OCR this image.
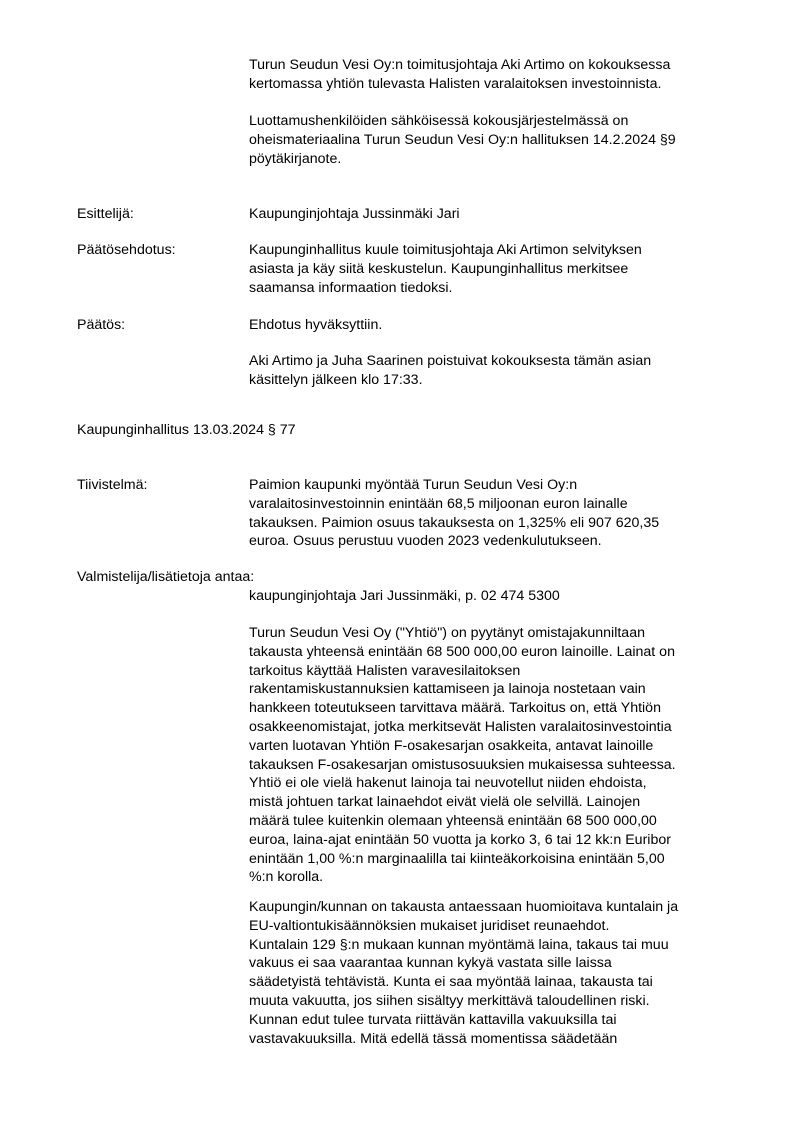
Turun Seudun Vesi Oy:n toimitusjohtaja Aki Artimo on kokouksessa
kertomassa yhtiön tulevasta Halisten varalaitoksen investoinnista.
Luottamushenkilöiden sähköisessä kokousjärjestelmässä on
oheismateriaalina Turun Seudun Vesi Oy:n hallituksen 14.2.2024 §9
pöytäkirjanote.
Esittelijä:	Kaupunginjohtaja Jussinmäki Jari
Päätösehdotus:	Kaupunginhallitus kuule toimitusjohtaja Aki Artimon selvityksen
asiasta ja käy siitä keskustelun. Kaupunginhallitus merkitsee
saamansa informaation tiedoksi.
Päätös:	Ehdotus hyväksyttiin.
Aki Artimo ja Juha Saarinen poistuivat kokouksesta tämän asian
käsittelyn jälkeen klo 17:33.
Kaupunginhallitus 13.03.2024 § 77
Tiivistelmä:	Paimion kaupunki myöntää Turun Seudun Vesi Oy:n
varalaitosinvestoinnin enintään 68,5 miljoonan euron lainalle
takauksen. Paimion osuus takauksesta on 1,325% eli 907 620,35
euroa. Osuus perustuu vuoden 2023 vedenkulutukseen.
Valmistelija/lisätietoja antaa:
kaupunginjohtaja Jari Jussinmäki, p. 02 474 5300
Turun Seudun Vesi Oy ("Yhtiö") on pyytänyt omistajakunniltaan
takausta yhteensä enintään 68 500 000,00 euron lainoille. Lainat on
tarkoitus käyttää Halisten varavesilaitoksen
rakentamiskustannuksien kattamiseen ja lainoja nostetaan vain
hankkeen toteutukseen tarvittava määrä. Tarkoitus on, että Yhtiön
osakkeenomistajat, jotka merkitsevät Halisten varalaitosinvestointia
varten luotavan Yhtiön F-osakesarjan osakkeita, antavat lainoille
takauksen F-osakesarjan omistusosuuksien mukaisessa suhteessa.
Yhtiö ei ole vielä hakenut lainoja tai neuvotellut niiden ehdoista,
mistä johtuen tarkat lainaehdot eivät vielä ole selvillä. Lainojen
määrä tulee kuitenkin olemaan yhteensä enintään 68 500 000,00
euroa, laina-ajat enintään 50 vuotta ja korko 3, 6 tai 12 kk:n Euribor
enintään 1,00 %:n marginaalilla tai kiinteäkorkoisina enintään 5,00
%:n korolla.
Kaupungin/kunnan on takausta antaessaan huomioitava kuntalain ja
EU-valtiontukisäännöksien mukaiset juridiset reunaehdot.
Kuntalain 129 §:n mukaan kunnan myöntämä laina, takaus tai muu
vakuus ei saa vaarantaa kunnan kykyä vastata sille laissa
säädetyistä tehtävistä. Kunta ei saa myöntää lainaa, takausta tai
muuta vakuutta, jos siihen sisältyy merkittävä taloudellinen riski.
Kunnan edut tulee turvata riittävän kattavilla vakuuksilla tai
vastavakuuksilla. Mitä edellä tässä momentissa säädetään
